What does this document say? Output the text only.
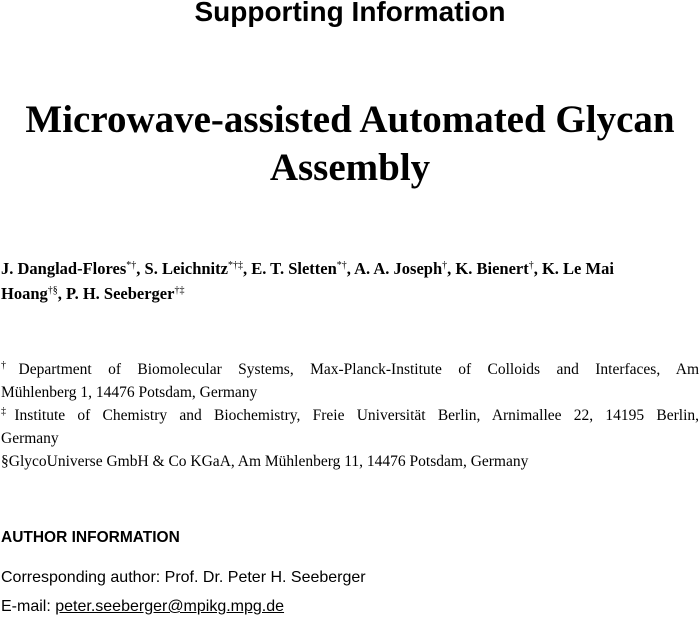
Supporting Information
Microwave-assisted Automated Glycan
Assembly
J. Danglad-Flores*†, S. Leichnitz*†‡, E. T. Sletten*†, A. A. Joseph†, K. Bienert†, K. Le Mai
Hoang†§, P. H. Seeberger†‡
†Department of Biomolecular Systems, Max-Planck-Institute of Colloids and Interfaces, Am
Mühlenberg 1, 14476 Potsdam, Germany
‡Institute of Chemistry and Biochemistry, Freie Universität Berlin, Arnimallee 22, 14195 Berlin,
Germany
§GlycoUniverse GmbH & Co KGaA, Am Mühlenberg 11, 14476 Potsdam, Germany
AUTHOR INFORMATION
Corresponding author: Prof. Dr. Peter H. Seeberger
E-mail: peter.seeberger@mpikg.mpg.de
